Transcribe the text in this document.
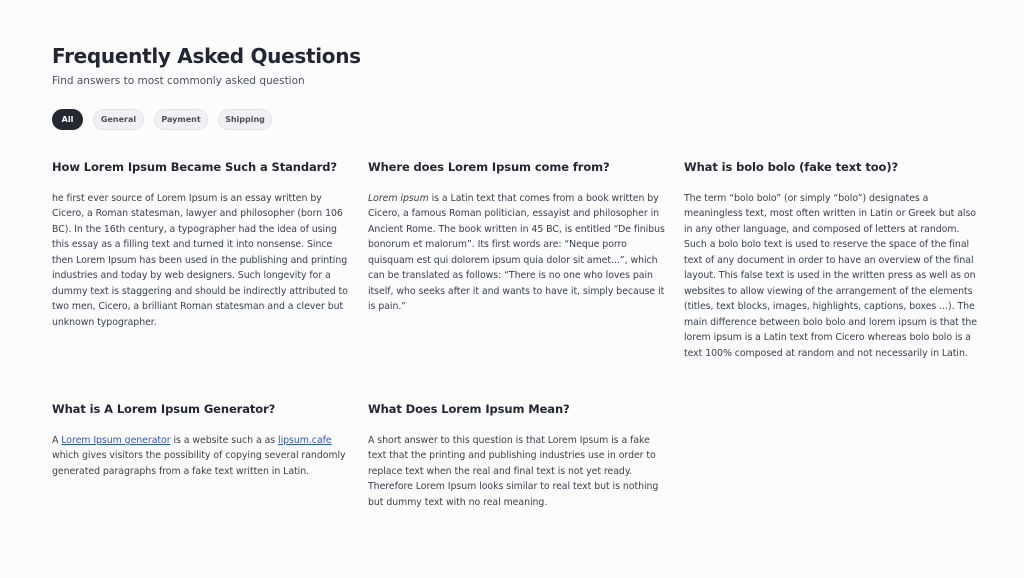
Frequently Asked Questions

Find answers to most commonly asked question

All	General	Payment	Shipping
How Lorem Ipsum Became Such a Standard?

he first ever source of Lorem Ipsum is an essay written by Cicero, a Roman statesman, lawyer and philosopher (born 106 BC). In the 16th century, a typographer had the idea of using this essay as a filling text and turned it into nonsense. Since then Lorem Ipsum has been used in the publishing and printing industries and today by web designers. Such longevity for a dummy text is staggering and should be indirectly attributed to two men, Cicero, a brilliant Roman statesman and a clever but unknown typographer.

Where does Lorem Ipsum come from?

Lorem ipsum is a Latin text that comes from a book written by Cicero, a famous Roman politician, essayist and philosopher in Ancient Rome. The book written in 45 BC, is entitled “De finibus bonorum et malorum”. Its first words are: “Neque porro quisquam est qui dolorem ipsum quia dolor sit amet...”, which can be translated as follows: “There is no one who loves pain itself, who seeks after it and wants to have it, simply because it is pain.”

What is bolo bolo (fake text too)?

The term “bolo bolo” (or simply “bolo”) designates a meaningless text, most often written in Latin or Greek but also in any other language, and composed of letters at random. Such a bolo bolo text is used to reserve the space of the final text of any document in order to have an overview of the final layout. This false text is used in the written press as well as on websites to allow viewing of the arrangement of the elements (titles, text blocks, images, highlights, captions, boxes ...). The main difference between bolo bolo and lorem ipsum is that the lorem ipsum is a Latin text from Cicero whereas bolo bolo is a text 100% composed at random and not necessarily in Latin.

What is A Lorem Ipsum Generator?

A Lorem Ipsum generator is a website such a as lipsum.cafe which gives visitors the possibility of copying several randomly generated paragraphs from a fake text written in Latin.

What Does Lorem Ipsum Mean?

A short answer to this question is that Lorem Ipsum is a fake text that the printing and publishing industries use in order to replace text when the real and final text is not yet ready. Therefore Lorem Ipsum looks similar to real text but is nothing but dummy text with no real meaning.
